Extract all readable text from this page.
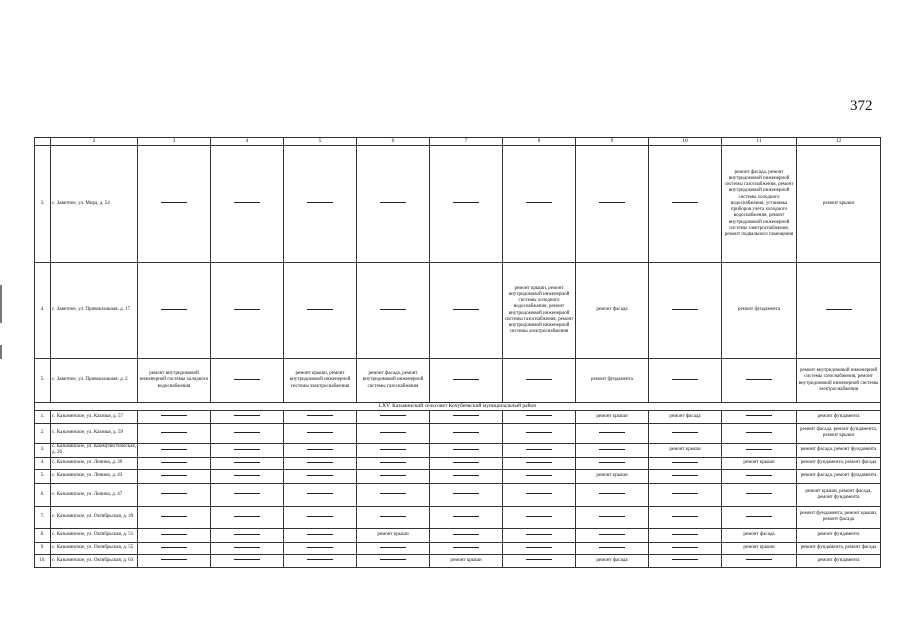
372
	2	3	4	5	6	7	8	9	10	11	12
3.	с. Заветное, ул. Мира, д. 54									ремонт фасада, ремонт внутридомовой инженерной системы газоснабжения, ремонт внутридомовой инженерной системы холодного водоснабжения, установка приборов учета холодного водоснабжения, ремонт внутридомовой инженерной системы электроснабжения, ремонт подвального помещения	ремонт крыши
4.	с. Заветное, ул. Привокзальная, д. 17						ремонт крыши, ремонт внутридомовой инженерной системы холодного водоснабжения, ремонт внутридомовой инженерной системы газоснабжения, ремонт внутридомовой инженерной системы электроснабжения	ремонт фасада		ремонт фундамента	
5.	с. Заветное, ул. Привокзальная, д. 2	ремонт внутридомовой инженерной системы холодного водоснабжения		ремонт крыши, ремонт внутридомовой инженерной системы электроснабжения	ремонт фасада, ремонт внутридомовой инженерной системы газоснабжения			ремонт фундамента			ремонт внутридомовой инженерной системы газоснабжения, ремонт внутридомовой инженерной системы электроснабжения
LXV. Казьминский сельсовет Кочубеевский муниципальный район											
1.	с. Казьминское, ул. Казачья, д. 57							ремонт крыши	ремонт фасада		ремонт фундамента
2.	с. Казьминское, ул. Казачья, д. 59										ремонт фасада, ремонт фундамента, ремонт крыши
3.	с. Казьминское, ул. Коммунистическая, д. 26								ремонт крыши		ремонт фасада, ремонт фундамента
4.	с. Казьминское, ул. Ленина, д. 39									ремонт крыши	ремонт фундамента, ремонт фасада
5.	с. Казьминское, ул. Ленина, д. 43							ремонт крыши			ремонт фасада, ремонт фундамента
6.	с. Казьминское, ул. Ленина, д. 47										ремонт крыши, ремонт фасада, ремонт фундамента
7.	с. Казьминское, ул. Октябрьская, д. 49										ремонт фундамента, ремонт крыши, ремонт фасада
8.	с. Казьминское, ул. Октябрьская, д. 51				ремонт крыши					ремонт фасада	ремонт фундамента
9.	с. Казьминское, ул. Октябрьская, д. 55									ремонт крыши	ремонт фундамента, ремонт фасада
10.	с. Казьминское, ул. Октябрьская, д. 63					ремонт крыши		ремонт фасада			ремонт фундамента
